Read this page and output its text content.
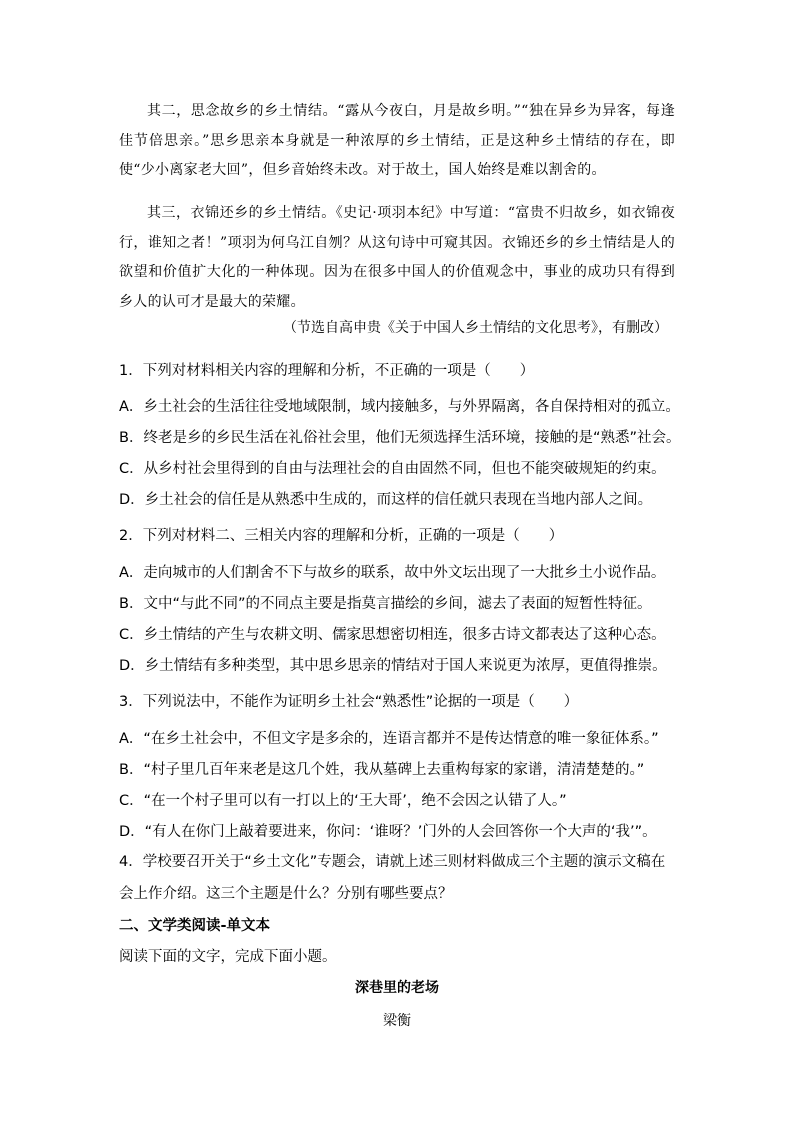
其二，思念故乡的乡土情结。“露从今夜白，月是故乡明。”“独在异乡为异客，每逢佳节倍思亲。”思乡思亲本身就是一种浓厚的乡土情结，正是这种乡土情结的存在，即使“少小离家老大回”，但乡音始终未改。对于故土，国人始终是难以割舍的。

其三，衣锦还乡的乡土情结。《史记·项羽本纪》中写道：“富贵不归故乡，如衣锦夜行，谁知之者！”项羽为何乌江自刎？从这句诗中可窥其因。衣锦还乡的乡土情结是人的欲望和价值扩大化的一种体现。因为在很多中国人的价值观念中，事业的成功只有得到乡人的认可才是最大的荣耀。

（节选自高申贵《关于中国人乡土情结的文化思考》，有删改）

1．下列对材料相关内容的理解和分析，不正确的一项是（　　）

A．乡土社会的生活往往受地域限制，域内接触多，与外界隔离，各自保持相对的孤立。

B．终老是乡的乡民生活在礼俗社会里，他们无须选择生活环境，接触的是“熟悉”社会。

C．从乡村社会里得到的自由与法理社会的自由固然不同，但也不能突破规矩的约束。

D．乡土社会的信任是从熟悉中生成的，而这样的信任就只表现在当地内部人之间。

2．下列对材料二、三相关内容的理解和分析，正确的一项是（　　）

A．走向城市的人们割舍不下与故乡的联系，故中外文坛出现了一大批乡土小说作品。

B．文中“与此不同”的不同点主要是指莫言描绘的乡间，滤去了表面的短暂性特征。

C．乡土情结的产生与农耕文明、儒家思想密切相连，很多古诗文都表达了这种心态。

D．乡土情结有多种类型，其中思乡思亲的情结对于国人来说更为浓厚，更值得推崇。

3．下列说法中，不能作为证明乡土社会“熟悉性”论据的一项是（　　）

A．“在乡土社会中，不但文字是多余的，连语言都并不是传达情意的唯一象征体系。”

B．“村子里几百年来老是这几个姓，我从墓碑上去重构每家的家谱，清清楚楚的。”

C．“在一个村子里可以有一打以上的‘王大哥’，绝不会因之认错了人。”

D．“有人在你门上敲着要进来，你问：‘谁呀？’门外的人会回答你一个大声的‘我’”。

4．学校要召开关于“乡土文化”专题会，请就上述三则材料做成三个主题的演示文稿在会上作介绍。这三个主题是什么？分别有哪些要点？

二、文学类阅读-单文本

阅读下面的文字，完成下面小题。

深巷里的老场

梁衡
